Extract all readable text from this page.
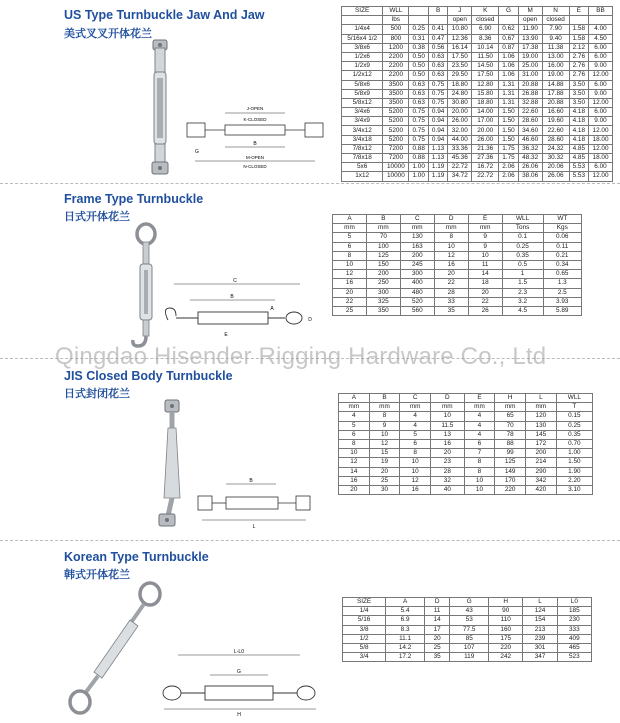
US Type Turnbuckle Jaw And Jaw
美式叉叉开体花兰
J-OPEN
K-CLOSED
B
G
M-OPEN
N-CLOSED
SIZE	WLL		B	J	K	G	M	N	E	BB
	lbs			open	closed		open	closed		
1/4x4	500	0.25	0.41	10.80	6.90	0.62	11.90	7.90	1.58	4.00
5/16x4 1/2	800	0.31	0.47	12.36	8.36	0.67	13.90	9.40	1.58	4.50
3/8x6	1200	0.38	0.56	16.14	10.14	0.87	17.38	11.38	2.12	6.00
1/2x6	2200	0.50	0.63	17.50	11.50	1.06	19.00	13.00	2.76	6.00
1/2x9	2200	0.50	0.63	23.50	14.50	1.06	25.00	16.00	2.76	9.00
1/2x12	2200	0.50	0.63	29.50	17.50	1.06	31.00	19.00	2.76	12.00
5/8x6	3500	0.63	0.75	18.80	12.80	1.31	20.88	14.88	3.50	6.00
5/8x9	3500	0.63	0.75	24.80	15.80	1.31	26.88	17.88	3.50	9.00
5/8x12	3500	0.63	0.75	30.80	18.80	1.31	32.88	20.88	3.50	12.00
3/4x6	5200	0.75	0.94	20.00	14.00	1.50	22.60	16.60	4.18	6.00
3/4x9	5200	0.75	0.94	26.00	17.00	1.50	28.60	19.60	4.18	9.00
3/4x12	5200	0.75	0.94	32.00	20.00	1.50	34.60	22.60	4.18	12.00
3/4x18	5200	0.75	0.94	44.00	26.00	1.50	46.60	28.60	4.18	18.00
7/8x12	7200	0.88	1.13	33.36	21.36	1.75	36.32	24.32	4.85	12.00
7/8x18	7200	0.88	1.13	45.36	27.36	1.75	48.32	30.32	4.85	18.00
5x6	10000	1.00	1.19	22.72	16.72	2.06	26.06	20.06	5.53	6.00
1x12	10000	1.00	1.19	34.72	22.72	2.06	38.06	26.06	5.53	12.00
Frame Type Turnbuckle
日式开体花兰
C
B
A
D
E
A	B	C	D	E	WLL	WT
mm	mm	mm	mm	mm	Tons	Kgs
5	70	130	8	9	0.1	0.06
6	100	163	10	9	0.25	0.11
8	125	200	12	10	0.35	0.21
10	150	245	16	11	0.5	0.34
12	200	300	20	14	1	0.65
16	250	400	22	18	1.5	1.3
20	300	480	28	20	2.3	2.5
22	325	520	33	22	3.2	3.93
25	350	560	35	26	4.5	5.89
Qingdao Hisender Rigging Hardware Co., Ltd
JIS Closed Body Turnbuckle
日式封闭花兰
B
L
A	B	C	D	E	H	L	WLL
mm	mm	mm	mm	mm	mm	mm	T
4	8	4	10	4	65	120	0.15
5	9	4	11.5	4	70	130	0.25
6	10	5	13	4	78	145	0.35
8	12	6	16	6	88	172	0.70
10	15	8	20	7	99	200	1.00
12	19	10	23	8	125	214	1.50
14	20	10	28	8	149	290	1.90
16	25	12	32	10	170	342	2.20
20	30	16	40	10	220	420	3.10
Korean Type Turnbuckle
韩式开体花兰
L-L0
G
H
SIZE	A	D	G	H	L	L0
1/4	5.4	11	43	90	124	185
5/16	6.9	14	53	110	154	230
3/8	8.3	17	77.5	160	213	333
1/2	11.1	20	85	175	239	409
5/8	14.2	25	107	220	301	465
3/4	17.2	35	119	242	347	523
